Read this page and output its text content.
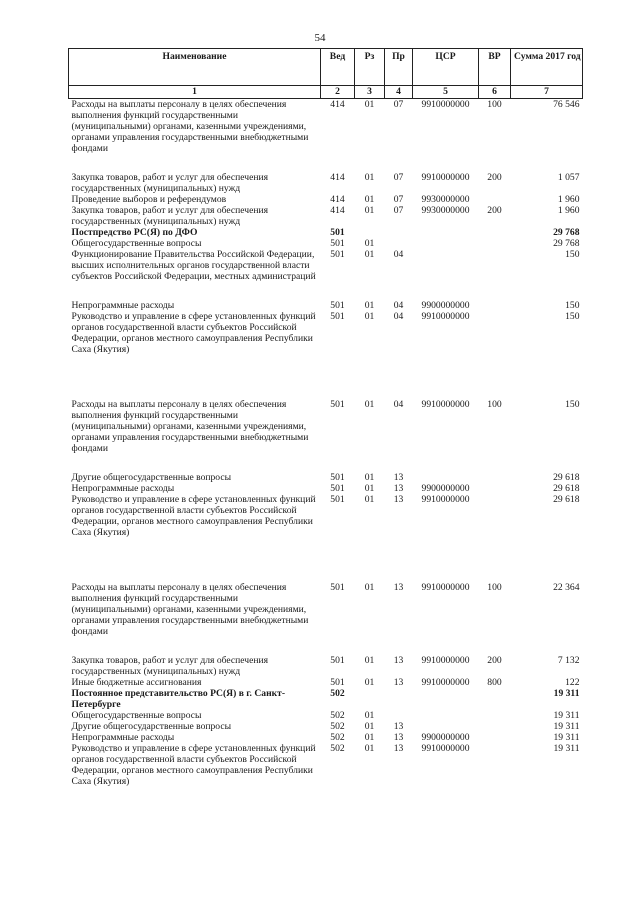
54
Наименование	Вед	Рз	Пр	ЦСР	ВР	Сумма 2017 год
1	2	3	4	5	6	7
Расходы на выплаты персоналу в целях обеспечения выполнения функций государственными (муниципальными) органами, казенными учреждениями, органами управления государственными внебюджетными фондами	414	01	07	9910000000	100	76 546
Закупка товаров, работ и услуг для обеспечения государственных (муниципальных) нужд	414	01	07	9910000000	200	1 057
Проведение выборов и референдумов	414	01	07	9930000000		1 960
Закупка товаров, работ и услуг для обеспечения государственных (муниципальных) нужд	414	01	07	9930000000	200	1 960
Постпредство РС(Я) по ДФО	501					29 768
Общегосударственные вопросы	501	01				29 768
Функционирование Правительства Российской Федерации, высших исполнительных органов государственной власти субъектов Российской Федерации, местных администраций	501	01	04			150
Непрограммные расходы	501	01	04	9900000000		150
Руководство и управление в сфере установленных функций органов государственной власти субъектов Российской Федерации, органов местного самоуправления Республики Саха (Якутия)	501	01	04	9910000000		150
Расходы на выплаты персоналу в целях обеспечения выполнения функций государственными (муниципальными) органами, казенными учреждениями, органами управления государственными внебюджетными фондами	501	01	04	9910000000	100	150
Другие общегосударственные вопросы	501	01	13			29 618
Непрограммные расходы	501	01	13	9900000000		29 618
Руководство и управление в сфере установленных функций органов государственной власти субъектов Российской Федерации, органов местного самоуправления Республики Саха (Якутия)	501	01	13	9910000000		29 618
Расходы на выплаты персоналу в целях обеспечения выполнения функций государственными (муниципальными) органами, казенными учреждениями, органами управления государственными внебюджетными фондами	501	01	13	9910000000	100	22 364
Закупка товаров, работ и услуг для обеспечения государственных (муниципальных) нужд	501	01	13	9910000000	200	7 132
Иные бюджетные ассигнования	501	01	13	9910000000	800	122
Постоянное представительство РС(Я) в г. Санкт-Петербурге	502					19 311
Общегосударственные вопросы	502	01				19 311
Другие общегосударственные вопросы	502	01	13			19 311
Непрограммные расходы	502	01	13	9900000000		19 311
Руководство и управление в сфере установленных функций органов государственной власти субъектов Российской Федерации, органов местного самоуправления Республики Саха (Якутия)	502	01	13	9910000000		19 311
